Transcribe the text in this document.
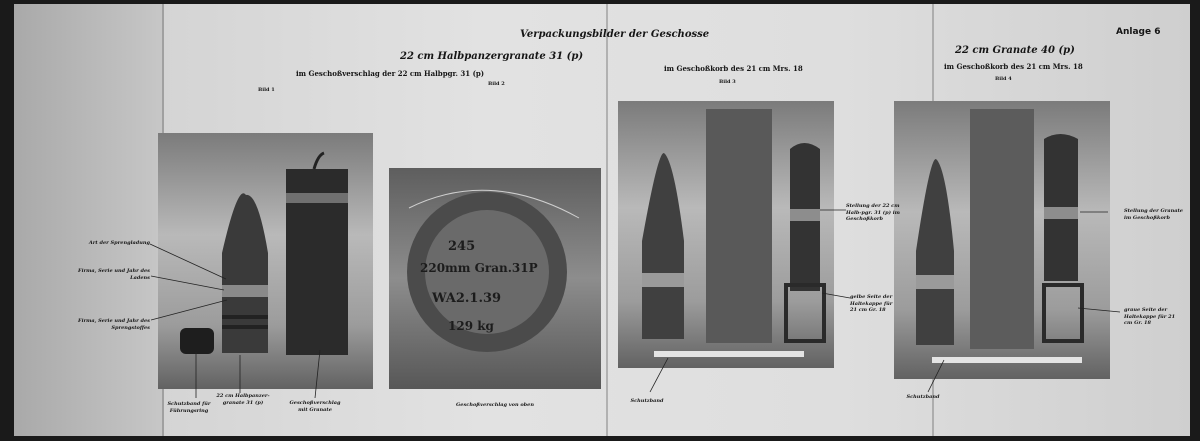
Verpackungsbilder der Geschosse	Anlage 6
22 cm Halbpanzergranate 31 (p)
im Geschoßverschlag der 22 cm Halbpgr. 31 (p)
im Geschoßkorb des 21 cm Mrs. 18
22 cm Granate 40 (p)
im Geschoßkorb des 21 cm Mrs. 18
Bild 1
Bild 2	Bild 3	Bild 4
245
220mm Gran.31P
WA2.1.39
129 kg
Geschoßverschlag von oben
Art der Sprengladung
Firma, Serie und Jahr des Ladens
Firma, Serie und Jahr des Sprengstoffes
Schutzband für Führungsring
22 cm Halbpanzer-granate 31 (p)	Geschoßverschlag mit Granate
Stellung der 22 cm Halb-pgr. 31 (p) im Geschoßkorb
gelbe Seite der Haltekappe für 21 cm Gr. 18
Schutzband
Stellung der Granate im Geschoßkorb
graue Seite der Haltekappe für 21 cm Gr. 18
Schutzband
